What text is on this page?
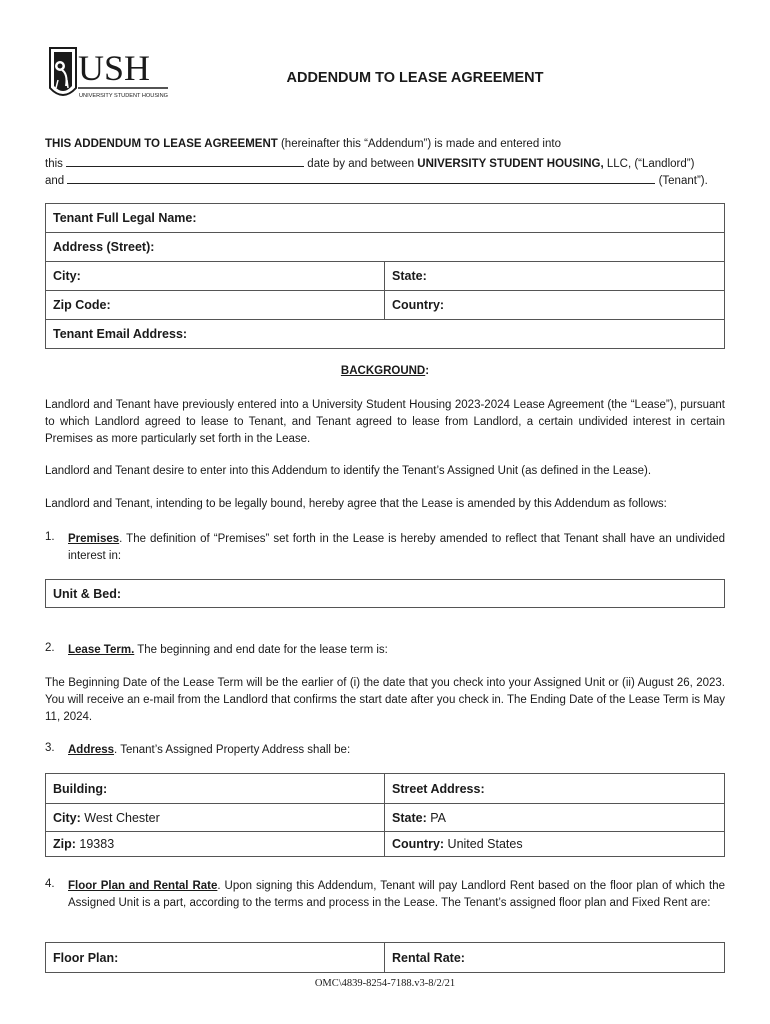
USH
UNIVERSITY STUDENT HOUSING
ADDENDUM TO LEASE AGREEMENT
THIS ADDENDUM TO LEASE AGREEMENT (hereinafter this “Addendum”) is made and entered into
this	date by and between UNIVERSITY STUDENT HOUSING, LLC, (“Landlord”)
and	(Tenant”).
Tenant Full Legal Name:	
Address (Street):	
City:	State:
Zip Code:	Country:
Tenant Email Address:	
BACKGROUND:
Landlord and Tenant have previously entered into a University Student Housing 2023-2024 Lease Agreement (the “Lease”), pursuant to which Landlord agreed to lease to Tenant, and Tenant agreed to lease from Landlord, a certain undivided interest in certain Premises as more particularly set forth in the Lease.
Landlord and Tenant desire to enter into this Addendum to identify the Tenant’s Assigned Unit (as defined in the Lease).
Landlord and Tenant, intending to be legally bound, hereby agree that the Lease is amended by this Addendum as follows:
1. Premises. The definition of “Premises” set forth in the Lease is hereby amended to reflect that Tenant shall have an undivided interest in:
Unit & Bed:
2. Lease Term. The beginning and end date for the lease term is:
The Beginning Date of the Lease Term will be the earlier of (i) the date that you check into your Assigned Unit or (ii) August 26, 2023. You will receive an e-mail from the Landlord that confirms the start date after you check in. The Ending Date of the Lease Term is May 11, 2024.
3. Address. Tenant’s Assigned Property Address shall be:
Building:	Street Address:
City: West Chester	State: PA
Zip: 19383	Country: United States
4. Floor Plan and Rental Rate. Upon signing this Addendum, Tenant will pay Landlord Rent based on the floor plan of which the Assigned Unit is a part, according to the terms and process in the Lease. The Tenant’s assigned floor plan and Fixed Rent are:
Floor Plan:	Rental Rate:
OMC\4839-8254-7188.v3-8/2/21
